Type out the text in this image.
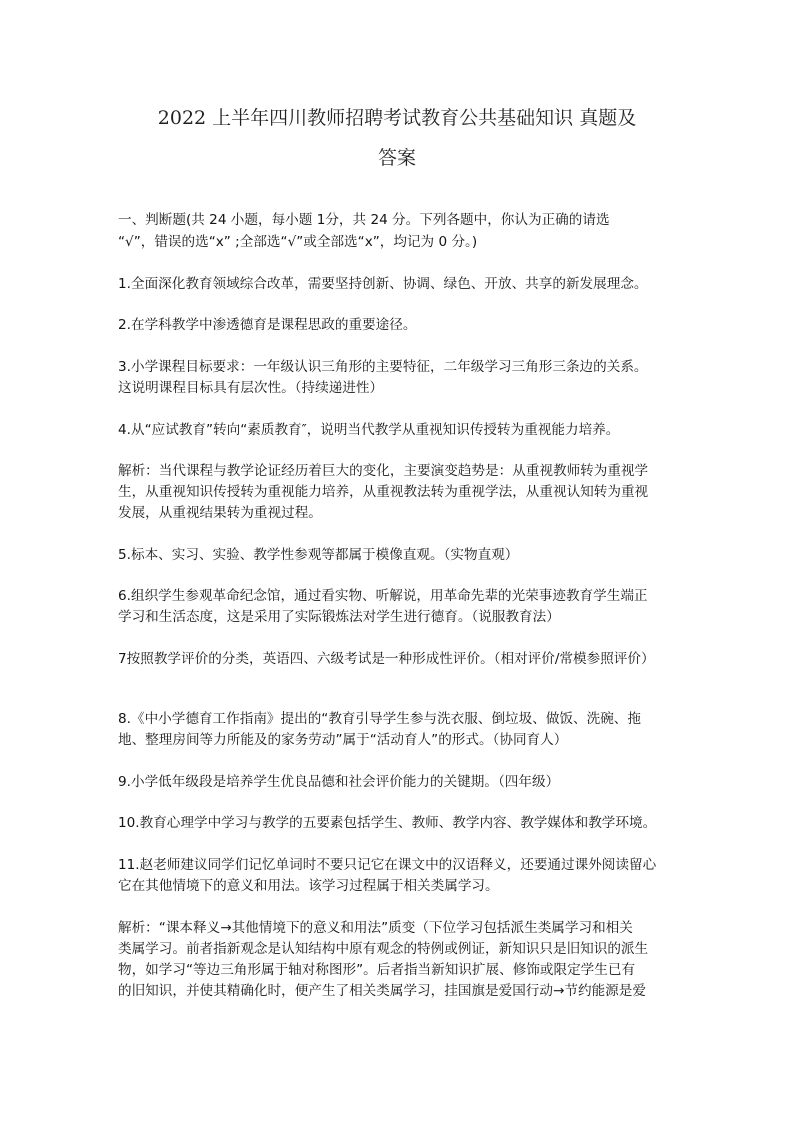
2022 上半年四川教师招聘考试教育公共基础知识 真题及
答案
一、判断题(共 24 小题，每小题 1分，共 24 分。下列各题中，你认为正确的请选
“√”，错误的选“x” ;全部选“√”或全部选“x”，均记为 0 分。)
1.全面深化教育领域综合改革，需要坚持创新、协调、绿色、开放、共享的新发展理念。
2.在学科教学中渗透德育是课程思政的重要途径。
3.小学课程目标要求：一年级认识三角形的主要特征，二年级学习三角形三条边的关系。
这说明课程目标具有层次性。（持续递进性）
4.从“应试教育”转向“素质教育″，说明当代教学从重视知识传授转为重视能力培养。
解析：当代课程与教学论证经历着巨大的变化，主要演变趋势是：从重视教师转为重视学
生，从重视知识传授转为重视能力培养，从重视教法转为重视学法，从重视认知转为重视
发展，从重视结果转为重视过程。
5.标本、实习、实验、教学性参观等都属于模像直观。（实物直观）
6.组织学生参观革命纪念馆，通过看实物、听解说，用革命先辈的光荣事迹教育学生端正
学习和生活态度，这是采用了实际锻炼法对学生进行德育。（说服教育法）
7按照教学评价的分类，英语四、六级考试是一种形成性评价。（相对评价/常模参照评价）
8.《中小学德育工作指南》提出的“教育引导学生参与洗衣服、倒垃圾、做饭、洗碗、拖
地、整理房间等力所能及的家务劳动”属于“活动育人”的形式。（协同育人）
9.小学低年级段是培养学生优良品德和社会评价能力的关键期。（四年级）
10.教育心理学中学习与教学的五要素包括学生、教师、教学内容、教学媒体和教学环境。
11.赵老师建议同学们记忆单词时不要只记它在课文中的汉语释义，还要通过课外阅读留心
它在其他情境下的意义和用法。该学习过程属于相关类属学习。
解析：“课本释义→其他情境下的意义和用法”质变（下位学习包括派生类属学习和相关
类属学习。前者指新观念是认知结构中原有观念的特例或例证，新知识只是旧知识的派生
物，如学习“等边三角形属于轴对称图形”。后者指当新知识扩展、修饰或限定学生已有
的旧知识，并使其精确化时，便产生了相关类属学习，挂国旗是爱国行动→节约能源是爱
